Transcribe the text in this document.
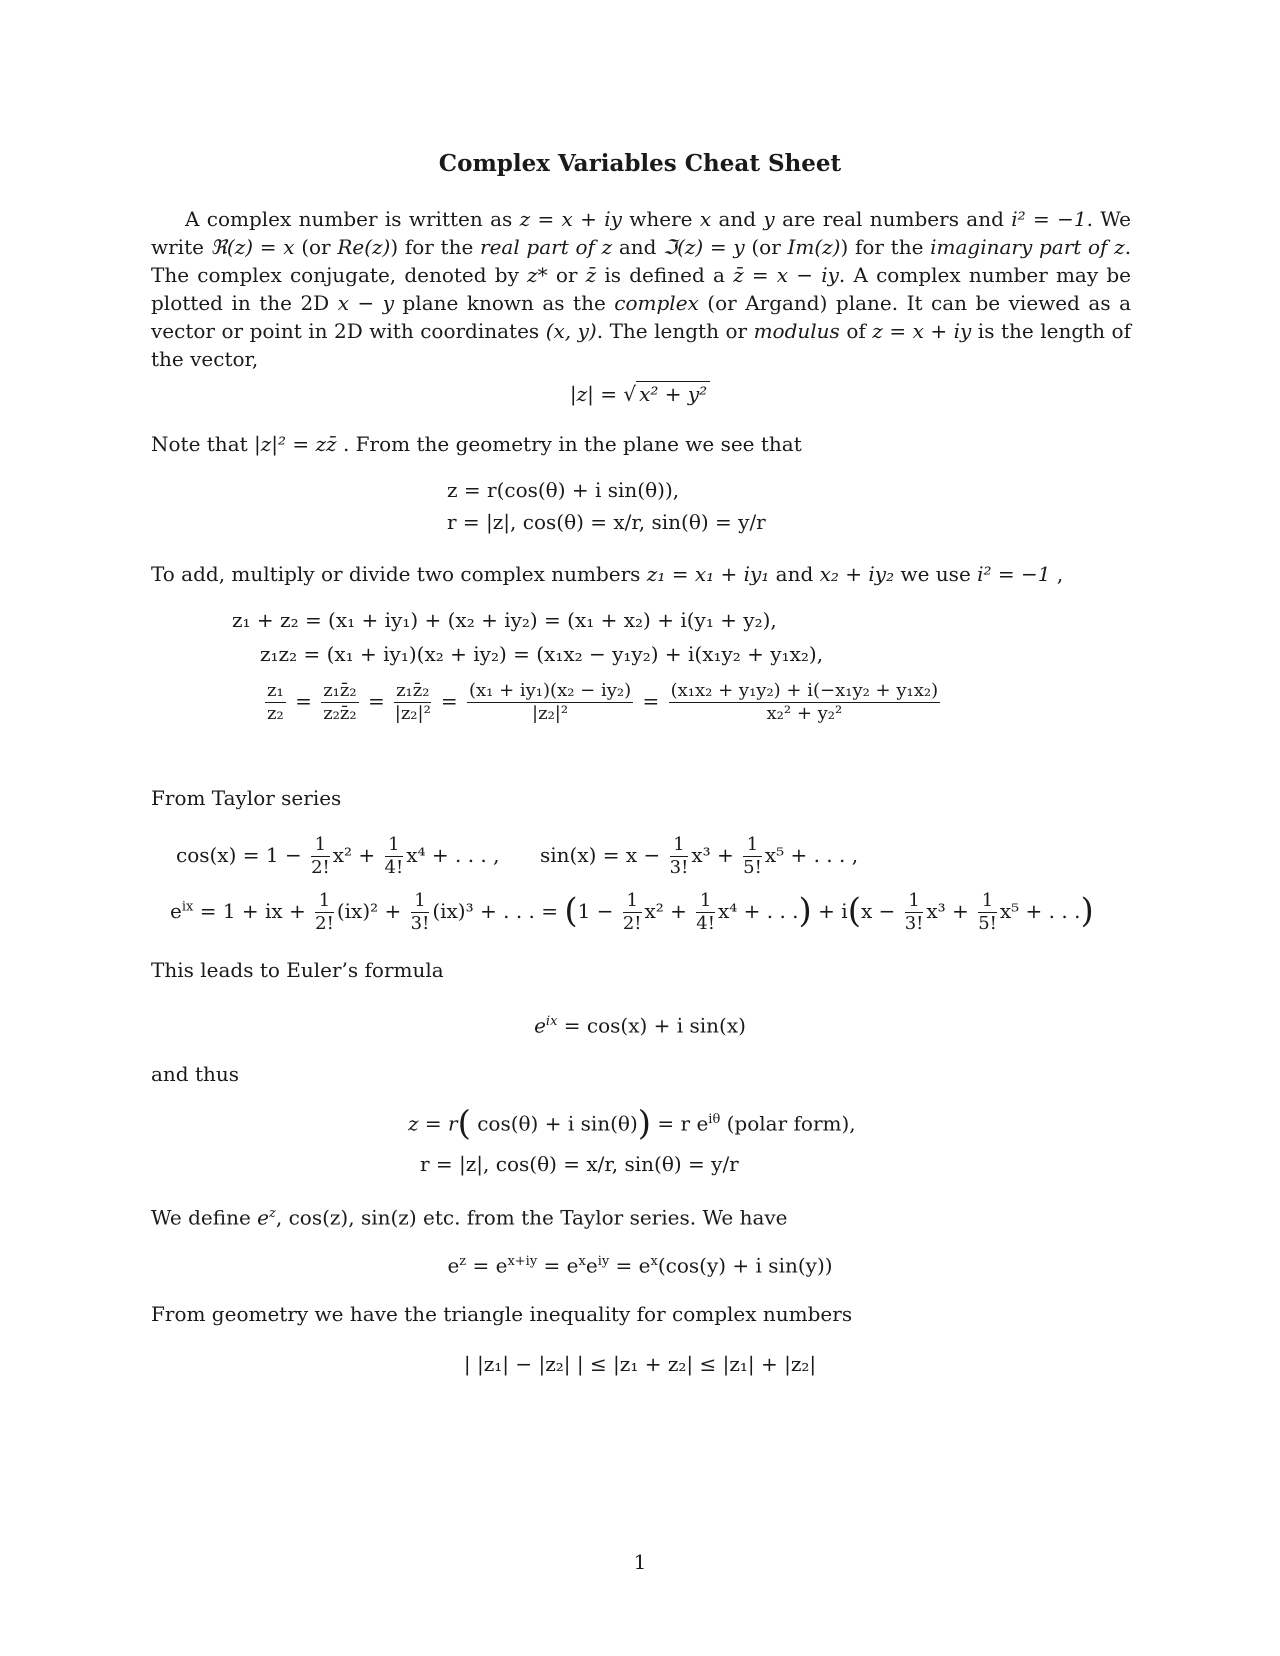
Complex Variables Cheat Sheet
A complex number is written as z = x + iy where x and y are real numbers and i² = −1. We write ℜ(z) = x (or Re(z)) for the real part of z and ℑ(z) = y (or Im(z)) for the imaginary part of z. The complex conjugate, denoted by z* or z̄ is defined a z̄ = x − iy. A complex number may be plotted in the 2D x − y plane known as the complex (or Argand) plane. It can be viewed as a vector or point in 2D with coordinates (x, y). The length or modulus of z = x + iy is the length of the vector,
|z| = √ x² + y²
Note that |z|² = zz̄ . From the geometry in the plane we see that
z = r(cos(θ) + i sin(θ)),
r = |z|, cos(θ) = x/r, sin(θ) = y/r
To add, multiply or divide two complex numbers z₁ = x₁ + iy₁ and x₂ + iy₂ we use i² = −1 ,
z₁ + z₂ = (x₁ + iy₁) + (x₂ + iy₂) = (x₁ + x₂) + i(y₁ + y₂),
z₁z₂ = (x₁ + iy₁)(x₂ + iy₂) = (x₁x₂ − y₁y₂) + i(x₁y₂ + y₁x₂),
$\frac{\text{z₁}}{\text{z₂}} = \frac{\text{z₁z̄₂}}{\text{z₂z̄₂}} = \frac{\text{z₁z̄₂}}{\text{|z₂|²}} = \frac{\text{(x₁ + iy₁)(x₂ − iy₂)}}{\text{|z₂|²}} = \frac{\text{(x₁x₂ + y₁y₂) + i(−x₁y₂ + y₁x₂)}}{\text{x₂² + y₂²}}$
From Taylor series
$\cos(x) = 1 - \frac{1}{2!} x^2 + \frac{1}{4!} x^4$ + . . . , $\sin(x) = x - \frac{1}{3!} x^3 + \frac{1}{5!} x^5$ + . . . ,
$e^{ix} = 1$ + ix + $\frac{1}{2!} (ix)^2 + \frac{1}{3!} (ix)^3$ + . . . = ($1 - \frac{1}{2!} x^2 + \frac{1}{4!} x^4$ + . . .) + $i(x - \frac{1}{3!} x^3 + \frac{1}{5!} x^5$ + . . .)
This leads to Euler’s formula
$e^{ix} = \cos(x) + i$ sin(x)
and thus
z = r( cos(θ) + i sin(θ)) = r $e^{i\theta}$ (polar form),
r = |z|, cos(θ) = x/r, sin(θ) = y/r
We define $e^z$, cos(z), sin(z) etc. from the Taylor series. We have
$e^z = e^{x+iy} = e^xe^{iy} = e^x(\cos(y) + i$ sin(y))
From geometry we have the triangle inequality for complex numbers
| |z₁| − |z₂| | ≤ |z₁ + z₂| ≤ |z₁| + |z₂|
1
